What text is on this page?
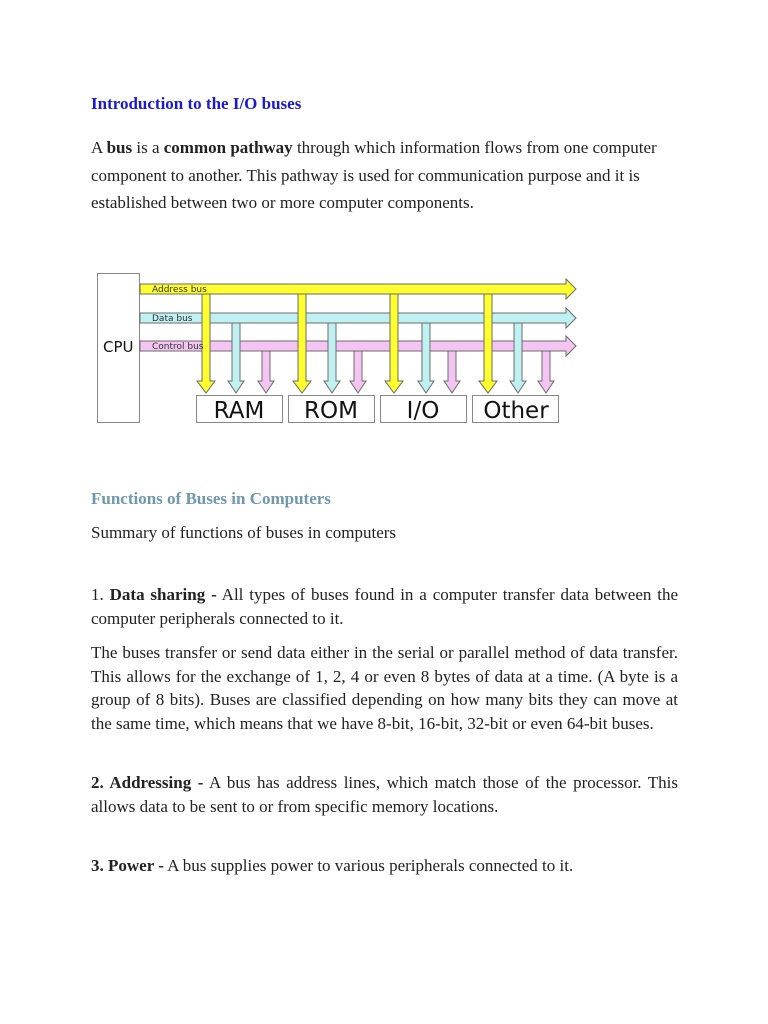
Introduction to the I/O buses

A bus is a common pathway through which information flows from one computer component to another. This pathway is used for communication purpose and it is established between two or more computer components.

CPU
Address bus
Data bus
Control bus
RAM ROM I/O Other
Functions of Buses in Computers

Summary of functions of buses in computers

1. Data sharing - All types of buses found in a computer transfer data between the computer peripherals connected to it.

The buses transfer or send data either in the serial or parallel method of data transfer. This allows for the exchange of 1, 2, 4 or even 8 bytes of data at a time. (A byte is a group of 8 bits). Buses are classified depending on how many bits they can move at the same time, which means that we have 8-bit, 16-bit, 32-bit or even 64-bit buses.

2. Addressing - A bus has address lines, which match those of the processor. This allows data to be sent to or from specific memory locations.

3. Power - A bus supplies power to various peripherals connected to it.
